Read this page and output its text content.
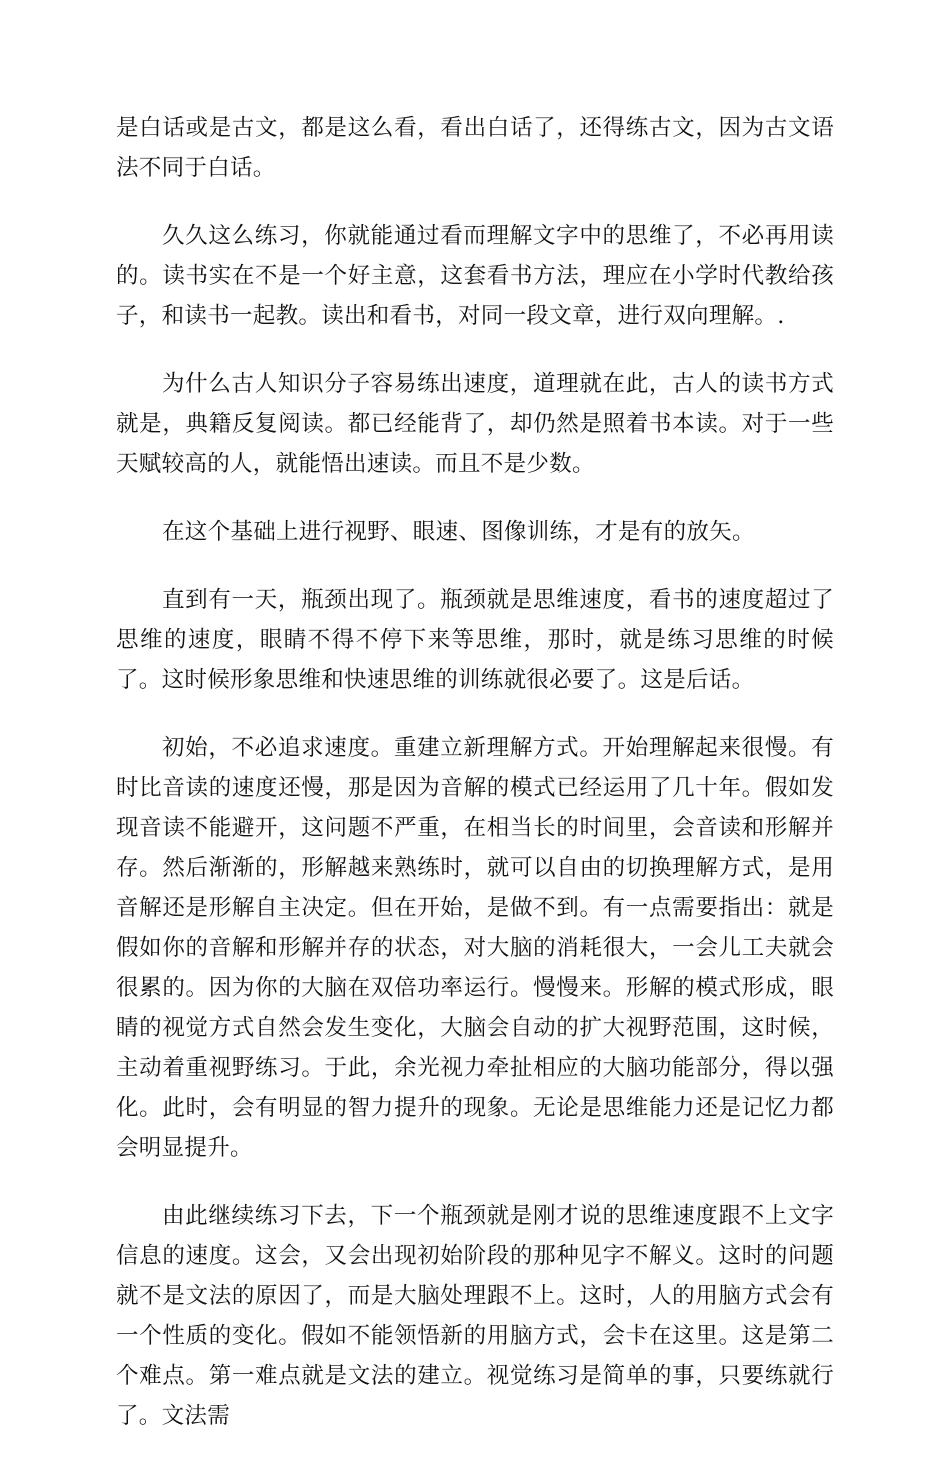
是白话或是古文，都是这么看，看出白话了，还得练古文，因为古文语法不同于白话。

久久这么练习，你就能通过看而理解文字中的思维了，不必再用读的。读书实在不是一个好主意，这套看书方法，理应在小学时代教给孩子，和读书一起教。读出和看书，对同一段文章，进行双向理解。.

为什么古人知识分子容易练出速度，道理就在此，古人的读书方式就是，典籍反复阅读。都已经能背了，却仍然是照着书本读。对于一些天赋较高的人，就能悟出速读。而且不是少数。

在这个基础上进行视野、眼速、图像训练，才是有的放矢。

直到有一天，瓶颈出现了。瓶颈就是思维速度，看书的速度超过了思维的速度，眼睛不得不停下来等思维，那时，就是练习思维的时候了。这时候形象思维和快速思维的训练就很必要了。这是后话。

初始，不必追求速度。重建立新理解方式。开始理解起来很慢。有时比音读的速度还慢，那是因为音解的模式已经运用了几十年。假如发现音读不能避开，这问题不严重，在相当长的时间里，会音读和形解并存。然后渐渐的，形解越来熟练时，就可以自由的切换理解方式，是用音解还是形解自主决定。但在开始，是做不到。有一点需要指出：就是假如你的音解和形解并存的状态，对大脑的消耗很大，一会儿工夫就会很累的。因为你的大脑在双倍功率运行。慢慢来。形解的模式形成，眼睛的视觉方式自然会发生变化，大脑会自动的扩大视野范围，这时候，主动着重视野练习。于此，余光视力牵扯相应的大脑功能部分，得以强化。此时，会有明显的智力提升的现象。无论是思维能力还是记忆力都会明显提升。

由此继续练习下去，下一个瓶颈就是刚才说的思维速度跟不上文字信息的速度。这会，又会出现初始阶段的那种见字不解义。这时的问题就不是文法的原因了，而是大脑处理跟不上。这时，人的用脑方式会有一个性质的变化。假如不能领悟新的用脑方式，会卡在这里。这是第二个难点。第一难点就是文法的建立。视觉练习是简单的事，只要练就行了。文法需
